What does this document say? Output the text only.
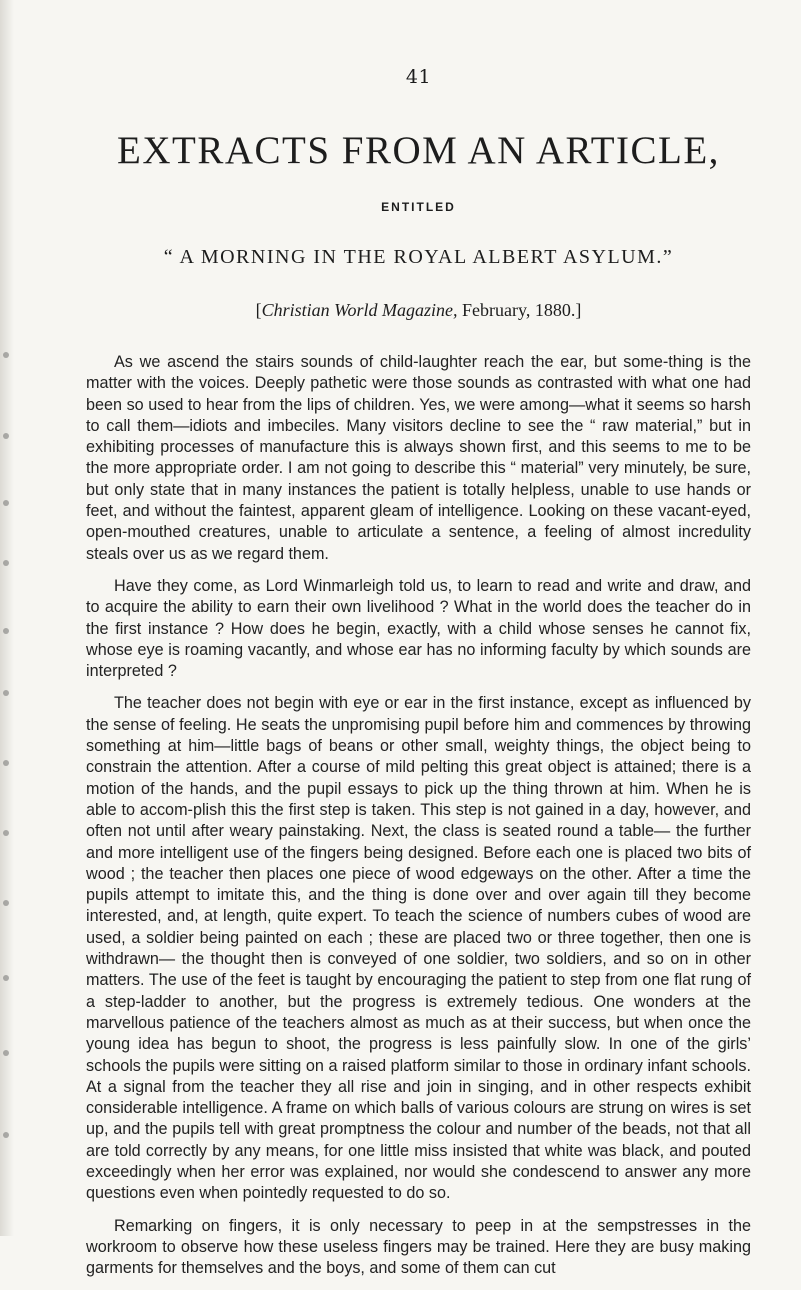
41
EXTRACTS FROM AN ARTICLE,
ENTITLED
“ A MORNING IN THE ROYAL ALBERT ASYLUM.”
[Christian World Magazine, February, 1880.]

As we ascend the stairs sounds of child-laughter reach the ear, but some-thing is the matter with the voices. Deeply pathetic were those sounds as contrasted with what one had been so used to hear from the lips of children. Yes, we were among—what it seems so harsh to call them—idiots and imbeciles. Many visitors decline to see the “ raw material,” but in exhibiting processes of manufacture this is always shown first, and this seems to me to be the more appropriate order. I am not going to describe this “ material” very minutely, be sure, but only state that in many instances the patient is totally helpless, unable to use hands or feet, and without the faintest, apparent gleam of intelligence. Looking on these vacant-eyed, open-mouthed creatures, unable to articulate a sentence, a feeling of almost incredulity steals over us as we regard them.

Have they come, as Lord Winmarleigh told us, to learn to read and write and draw, and to acquire the ability to earn their own livelihood ? What in the world does the teacher do in the first instance ? How does he begin, exactly, with a child whose senses he cannot fix, whose eye is roaming vacantly, and whose ear has no informing faculty by which sounds are interpreted ?

The teacher does not begin with eye or ear in the first instance, except as influenced by the sense of feeling. He seats the unpromising pupil before him and commences by throwing something at him—little bags of beans or other small, weighty things, the object being to constrain the attention. After a course of mild pelting this great object is attained; there is a motion of the hands, and the pupil essays to pick up the thing thrown at him. When he is able to accom-plish this the first step is taken. This step is not gained in a day, however, and often not until after weary painstaking. Next, the class is seated round a table— the further and more intelligent use of the fingers being designed. Before each one is placed two bits of wood ; the teacher then places one piece of wood edgeways on the other. After a time the pupils attempt to imitate this, and the thing is done over and over again till they become interested, and, at length, quite expert. To teach the science of numbers cubes of wood are used, a soldier being painted on each ; these are placed two or three together, then one is withdrawn— the thought then is conveyed of one soldier, two soldiers, and so on in other matters. The use of the feet is taught by encouraging the patient to step from one flat rung of a step-ladder to another, but the progress is extremely tedious. One wonders at the marvellous patience of the teachers almost as much as at their success, but when once the young idea has begun to shoot, the progress is less painfully slow. In one of the girls’ schools the pupils were sitting on a raised platform similar to those in ordinary infant schools. At a signal from the teacher they all rise and join in singing, and in other respects exhibit considerable intelligence. A frame on which balls of various colours are strung on wires is set up, and the pupils tell with great promptness the colour and number of the beads, not that all are told correctly by any means, for one little miss insisted that white was black, and pouted exceedingly when her error was explained, nor would she condescend to answer any more questions even when pointedly requested to do so.

Remarking on fingers, it is only necessary to peep in at the sempstresses in the workroom to observe how these useless fingers may be trained. Here they are busy making garments for themselves and the boys, and some of them can cut
